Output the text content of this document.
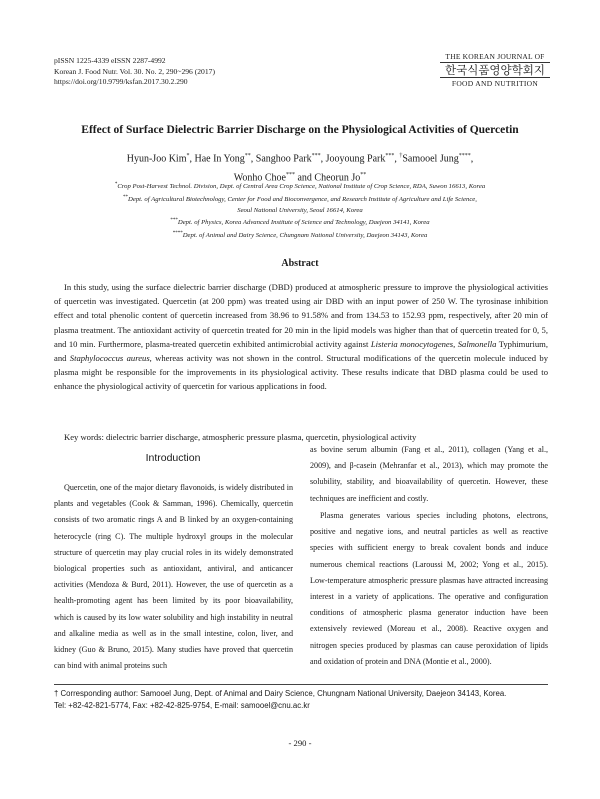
pISSN 1225-4339 eISSN 2287-4992
Korean J. Food Nutr. Vol. 30. No. 2, 290~296 (2017)
https://doi.org/10.9799/ksfan.2017.30.2.290
THE KOREAN JOURNAL OF
한국식품영양학회지
FOOD AND NUTRITION
Effect of Surface Dielectric Barrier Discharge on the Physiological Activities of Quercetin
Hyun-Joo Kim*, Hae In Yong**, Sanghoo Park***, Jooyoung Park***, †Samooel Jung****,
Wonho Choe*** and Cheorun Jo**
*Crop Post-Harvest Technol. Division, Dept. of Central Area Crop Science, National Institute of Crop Science, RDA, Suwon 16613, Korea
**Dept. of Agricultural Biotechnology, Center for Food and Bioconvergence, and Research Institute of Agriculture and Life Science,
Seoul National University, Seoul 16614, Korea
***Dept. of Physics, Korea Advanced Institute of Science and Technology, Daejeon 34141, Korea
****Dept. of Animal and Dairy Science, Chungnam National University, Daejeon 34143, Korea
Abstract

In this study, using the surface dielectric barrier discharge (DBD) produced at atmospheric pressure to improve the physiological activities of quercetin was investigated. Quercetin (at 200 ppm) was treated using air DBD with an input power of 250 W. The tyrosinase inhibition effect and total phenolic content of quercetin increased from 38.96 to 91.58% and from 134.53 to 152.93 ppm, respectively, after 20 min of plasma treatment. The antioxidant activity of quercetin treated for 20 min in the lipid models was higher than that of quercetin treated for 0, 5, and 10 min. Furthermore, plasma-treated quercetin exhibited antimicrobial activity against Listeria monocytogenes, Salmonella Typhimurium, and Staphylococcus aureus, whereas activity was not shown in the control. Structural modifications of the quercetin molecule induced by plasma might be responsible for the improvements in its physiological activity. These results indicate that DBD plasma could be used to enhance the physiological activity of quercetin for various applications in food.

Key words: dielectric barrier discharge, atmospheric pressure plasma, quercetin, physiological activity
Introduction

Quercetin, one of the major dietary flavonoids, is widely distributed in plants and vegetables (Cook & Samman, 1996). Chemically, quercetin consists of two aromatic rings A and B linked by an oxygen-containing heterocycle (ring C). The multiple hydroxyl groups in the molecular structure of quercetin may play crucial roles in its widely demonstrated biological properties such as antioxidant, antiviral, and anticancer activities (Mendoza & Burd, 2011). However, the use of quercetin as a health-promoting agent has been limited by its poor bioavailability, which is caused by its low water solubility and high instability in neutral and alkaline media as well as in the small intestine, colon, liver, and kidney (Guo & Bruno, 2015). Many studies have proved that quercetin can bind with animal proteins such

as bovine serum albumin (Fang et al., 2011), collagen (Yang et al., 2009), and β-casein (Mehranfar et al., 2013), which may promote the solubility, stability, and bioavailability of quercetin. However, these techniques are inefficient and costly.

Plasma generates various species including photons, electrons, positive and negative ions, and neutral particles as well as reactive species with sufficient energy to break covalent bonds and induce numerous chemical reactions (Laroussi M, 2002; Yong et al., 2015). Low-temperature atmospheric pressure plasmas have attracted increasing interest in a variety of applications. The operative and configuration conditions of atmospheric plasma generator induction have been extensively reviewed (Moreau et al., 2008). Reactive oxygen and nitrogen species produced by plasmas can cause peroxidation of lipids and oxidation of protein and DNA (Montie et al., 2000).

† Corresponding author: Samooel Jung, Dept. of Animal and Dairy Science, Chungnam National University, Daejeon 34143, Korea.
Tel: +82-42-821-5774, Fax: +82-42-825-9754, E-mail: samooel@cnu.ac.kr
- 290 -
